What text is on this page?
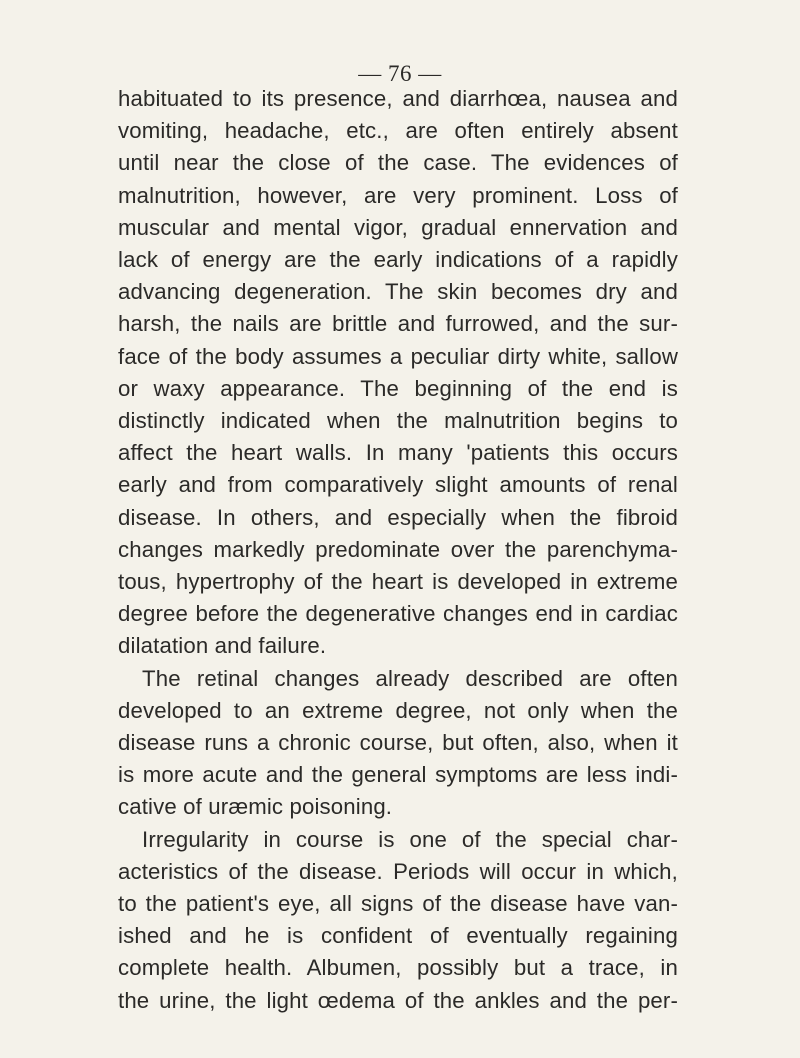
— 76 —
habituated to its presence, and diarrhœa, nausea and
vomiting, headache, etc., are often entirely absent
until near the close of the case. The evidences of
malnutrition, however, are very prominent. Loss of
muscular and mental vigor, gradual ennervation and
lack of energy are the early indications of a rapidly
advancing degeneration. The skin becomes dry and
harsh, the nails are brittle and furrowed, and the sur-
face of the body assumes a peculiar dirty white, sallow
or waxy appearance. The beginning of the end is
distinctly indicated when the malnutrition begins to
affect the heart walls. In many 'patients this occurs
early and from comparatively slight amounts of renal
disease. In others, and especially when the fibroid
changes markedly predominate over the parenchyma-
tous, hypertrophy of the heart is developed in extreme
degree before the degenerative changes end in cardiac
dilatation and failure.
The retinal changes already described are often
developed to an extreme degree, not only when the
disease runs a chronic course, but often, also, when it
is more acute and the general symptoms are less indi-
cative of uræmic poisoning.
Irregularity in course is one of the special char-
acteristics of the disease. Periods will occur in which,
to the patient's eye, all signs of the disease have van-
ished and he is confident of eventually regaining
complete health. Albumen, possibly but a trace, in
the urine, the light œdema of the ankles and the per-
